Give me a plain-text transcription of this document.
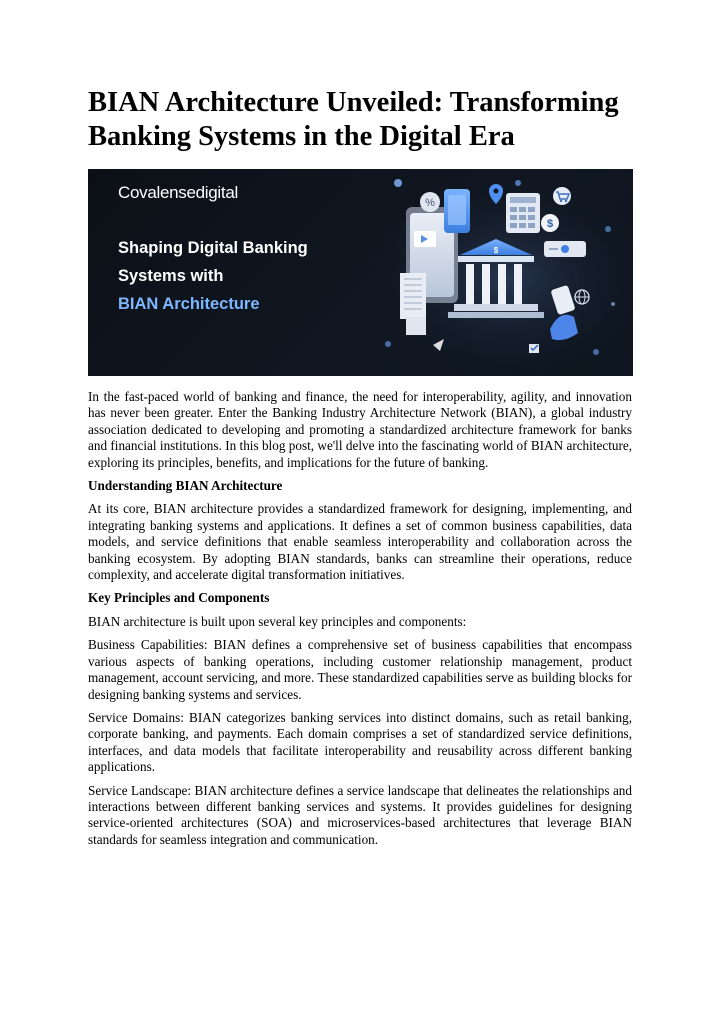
BIAN Architecture Unveiled: Transforming
Banking Systems in the Digital Era
%
$
$
Covalensedigital
Shaping Digital Banking
Systems with
BIAN Architecture

In the fast-paced world of banking and finance, the need for interoperability, agility, and innovation has never been greater. Enter the Banking Industry Architecture Network (BIAN), a global industry association dedicated to developing and promoting a standardized architecture framework for banks and financial institutions. In this blog post, we'll delve into the fascinating world of BIAN architecture, exploring its principles, benefits, and implications for the future of banking.

Understanding BIAN Architecture

At its core, BIAN architecture provides a standardized framework for designing, implementing, and integrating banking systems and applications. It defines a set of common business capabilities, data models, and service definitions that enable seamless interoperability and collaboration across the banking ecosystem. By adopting BIAN standards, banks can streamline their operations, reduce complexity, and accelerate digital transformation initiatives.

Key Principles and Components

BIAN architecture is built upon several key principles and components:

Business Capabilities: BIAN defines a comprehensive set of business capabilities that encompass various aspects of banking operations, including customer relationship management, product management, account servicing, and more. These standardized capabilities serve as building blocks for designing banking systems and services.

Service Domains: BIAN categorizes banking services into distinct domains, such as retail banking, corporate banking, and payments. Each domain comprises a set of standardized service definitions, interfaces, and data models that facilitate interoperability and reusability across different banking applications.

Service Landscape: BIAN architecture defines a service landscape that delineates the relationships and interactions between different banking services and systems. It provides guidelines for designing service-oriented architectures (SOA) and microservices-based architectures that leverage BIAN standards for seamless integration and communication.
